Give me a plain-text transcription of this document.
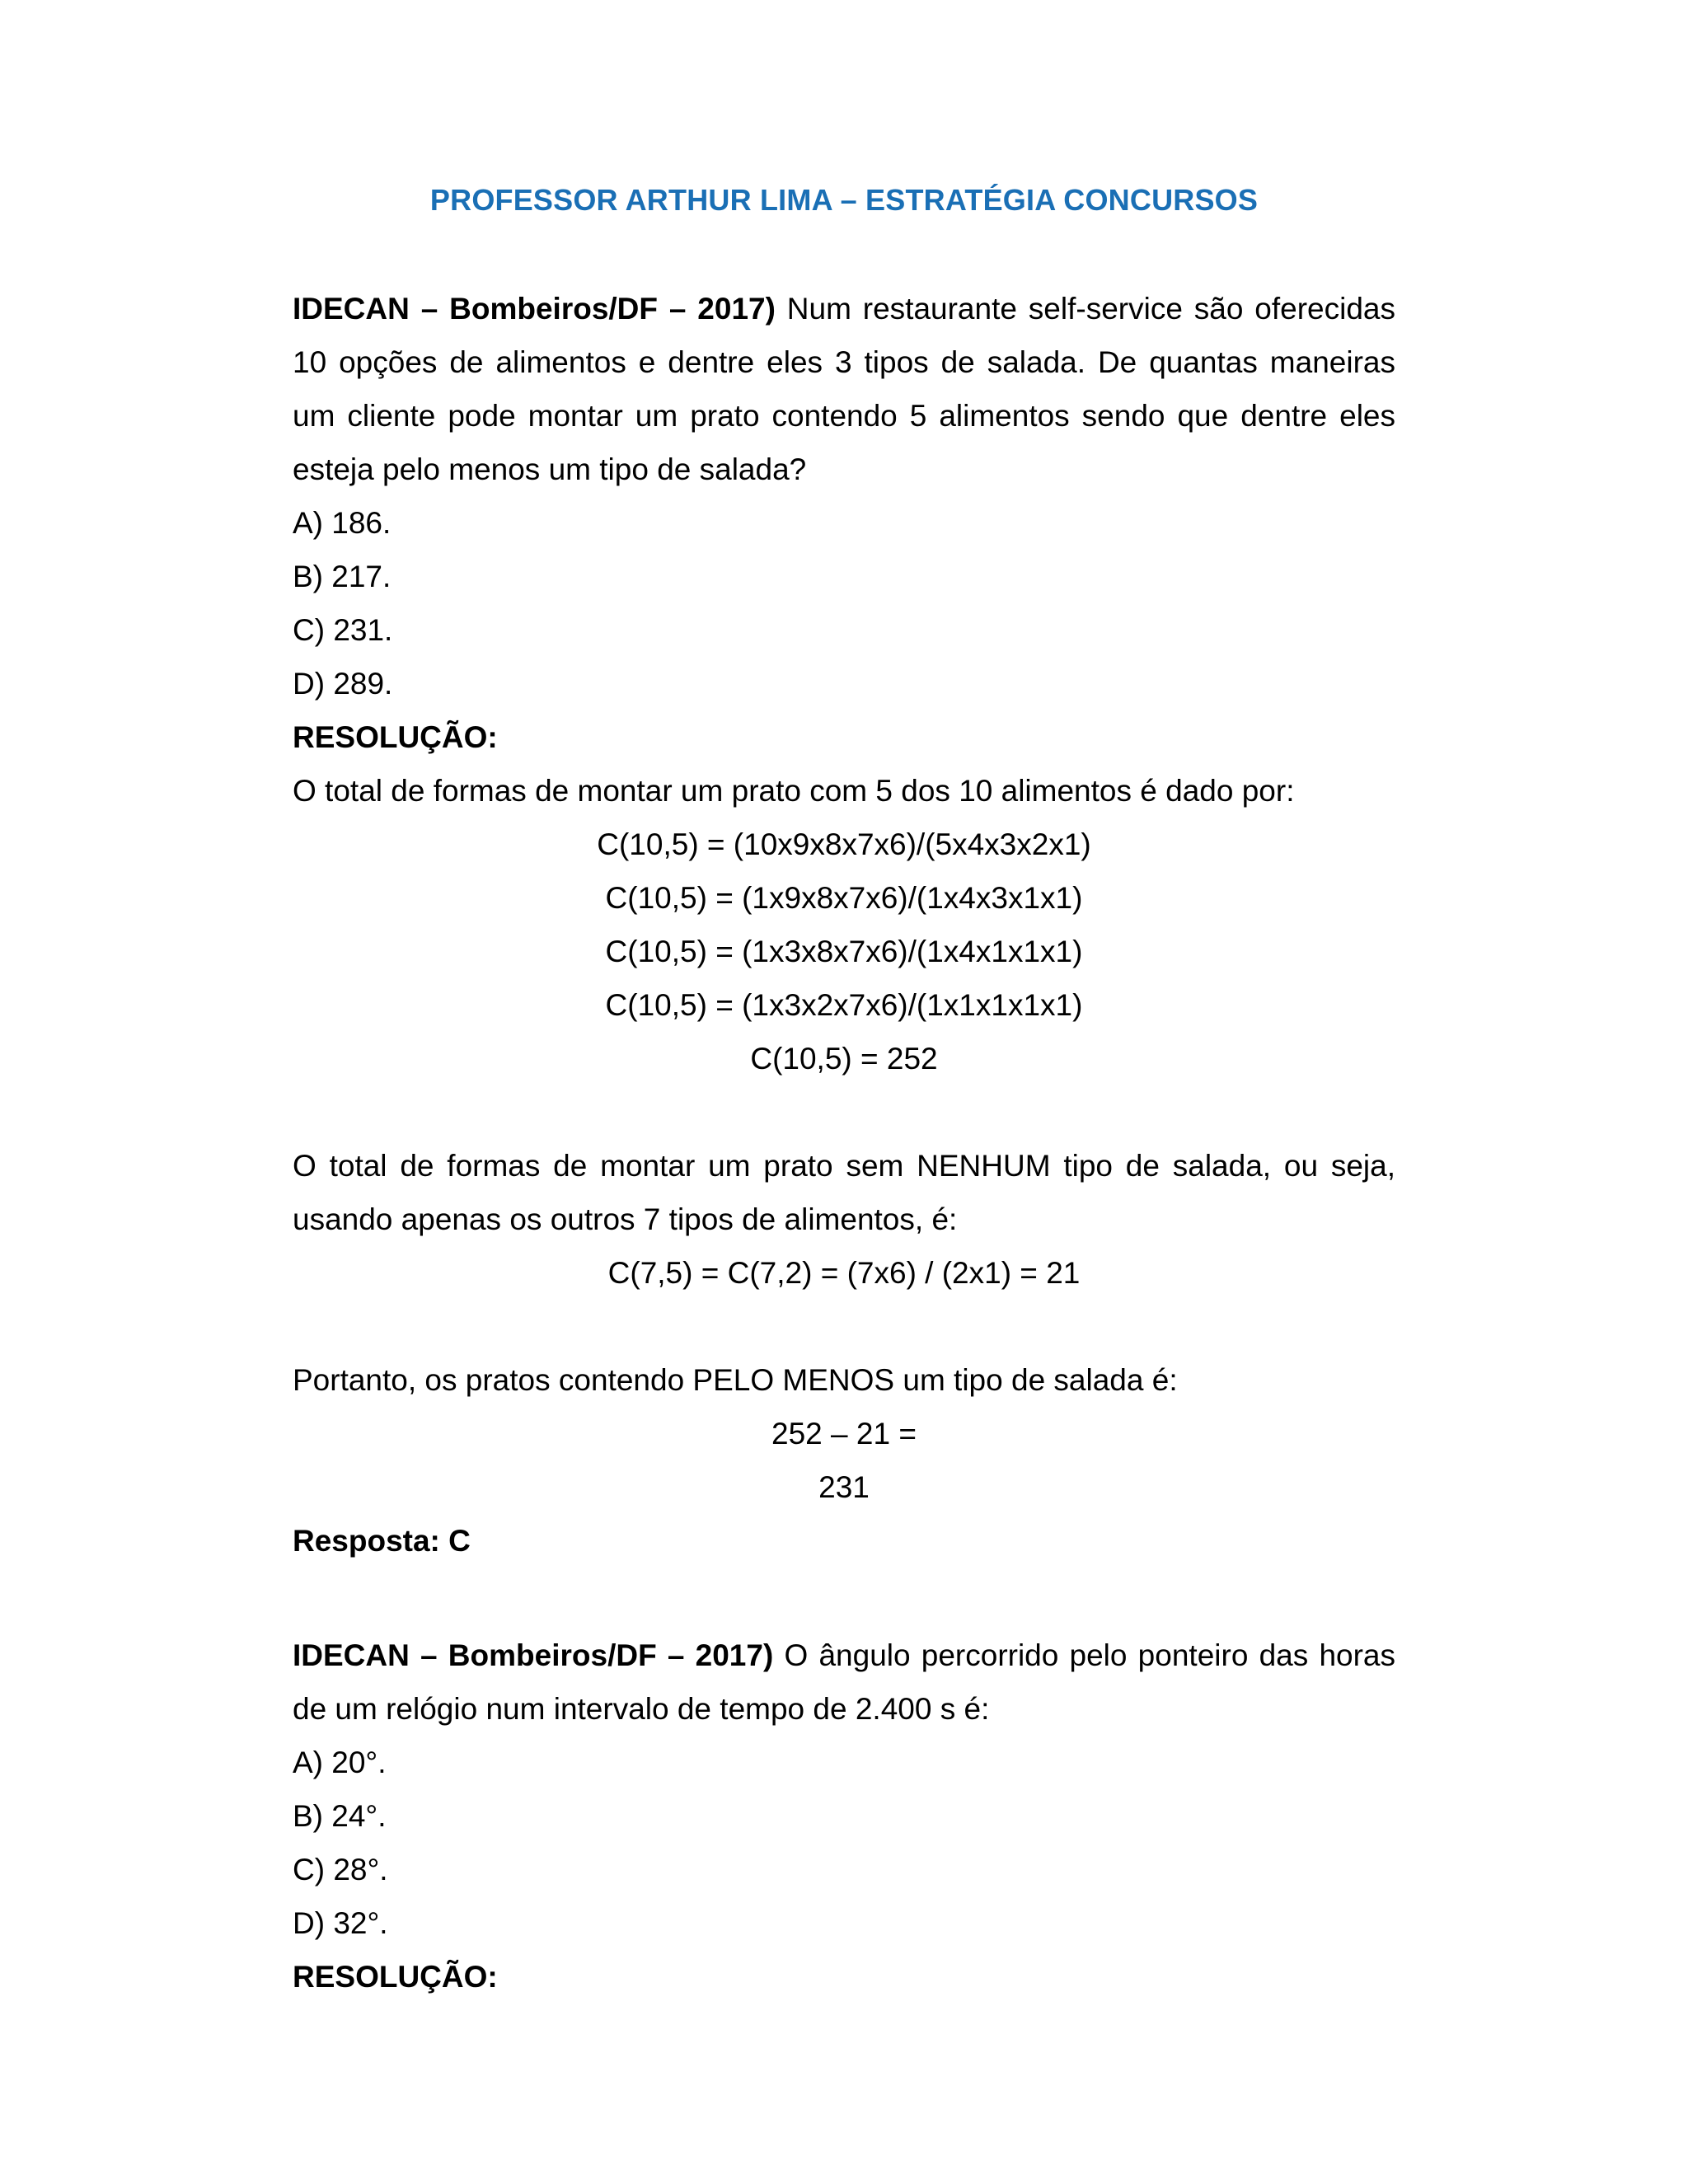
PROFESSOR ARTHUR LIMA – ESTRATÉGIA CONCURSOS

IDECAN – Bombeiros/DF – 2017) Num restaurante self-service são oferecidas 10 opções de alimentos e dentre eles 3 tipos de salada. De quantas maneiras um cliente pode montar um prato contendo 5 alimentos sendo que dentre eles esteja pelo menos um tipo de salada?

A) 186.

B) 217.

C) 231.

D) 289.

RESOLUÇÃO:

O total de formas de montar um prato com 5 dos 10 alimentos é dado por:

C(10,5) = (10x9x8x7x6)/(5x4x3x2x1)

C(10,5) = (1x9x8x7x6)/(1x4x3x1x1)

C(10,5) = (1x3x8x7x6)/(1x4x1x1x1)

C(10,5) = (1x3x2x7x6)/(1x1x1x1x1)

C(10,5) = 252

O total de formas de montar um prato sem NENHUM tipo de salada, ou seja, usando apenas os outros 7 tipos de alimentos, é:

C(7,5) = C(7,2) = (7x6) / (2x1) = 21

Portanto, os pratos contendo PELO MENOS um tipo de salada é:

252 – 21 =

231

Resposta: C

IDECAN – Bombeiros/DF – 2017) O ângulo percorrido pelo ponteiro das horas de um relógio num intervalo de tempo de 2.400 s é:

A) 20°.

B) 24°.

C) 28°.

D) 32°.

RESOLUÇÃO:
